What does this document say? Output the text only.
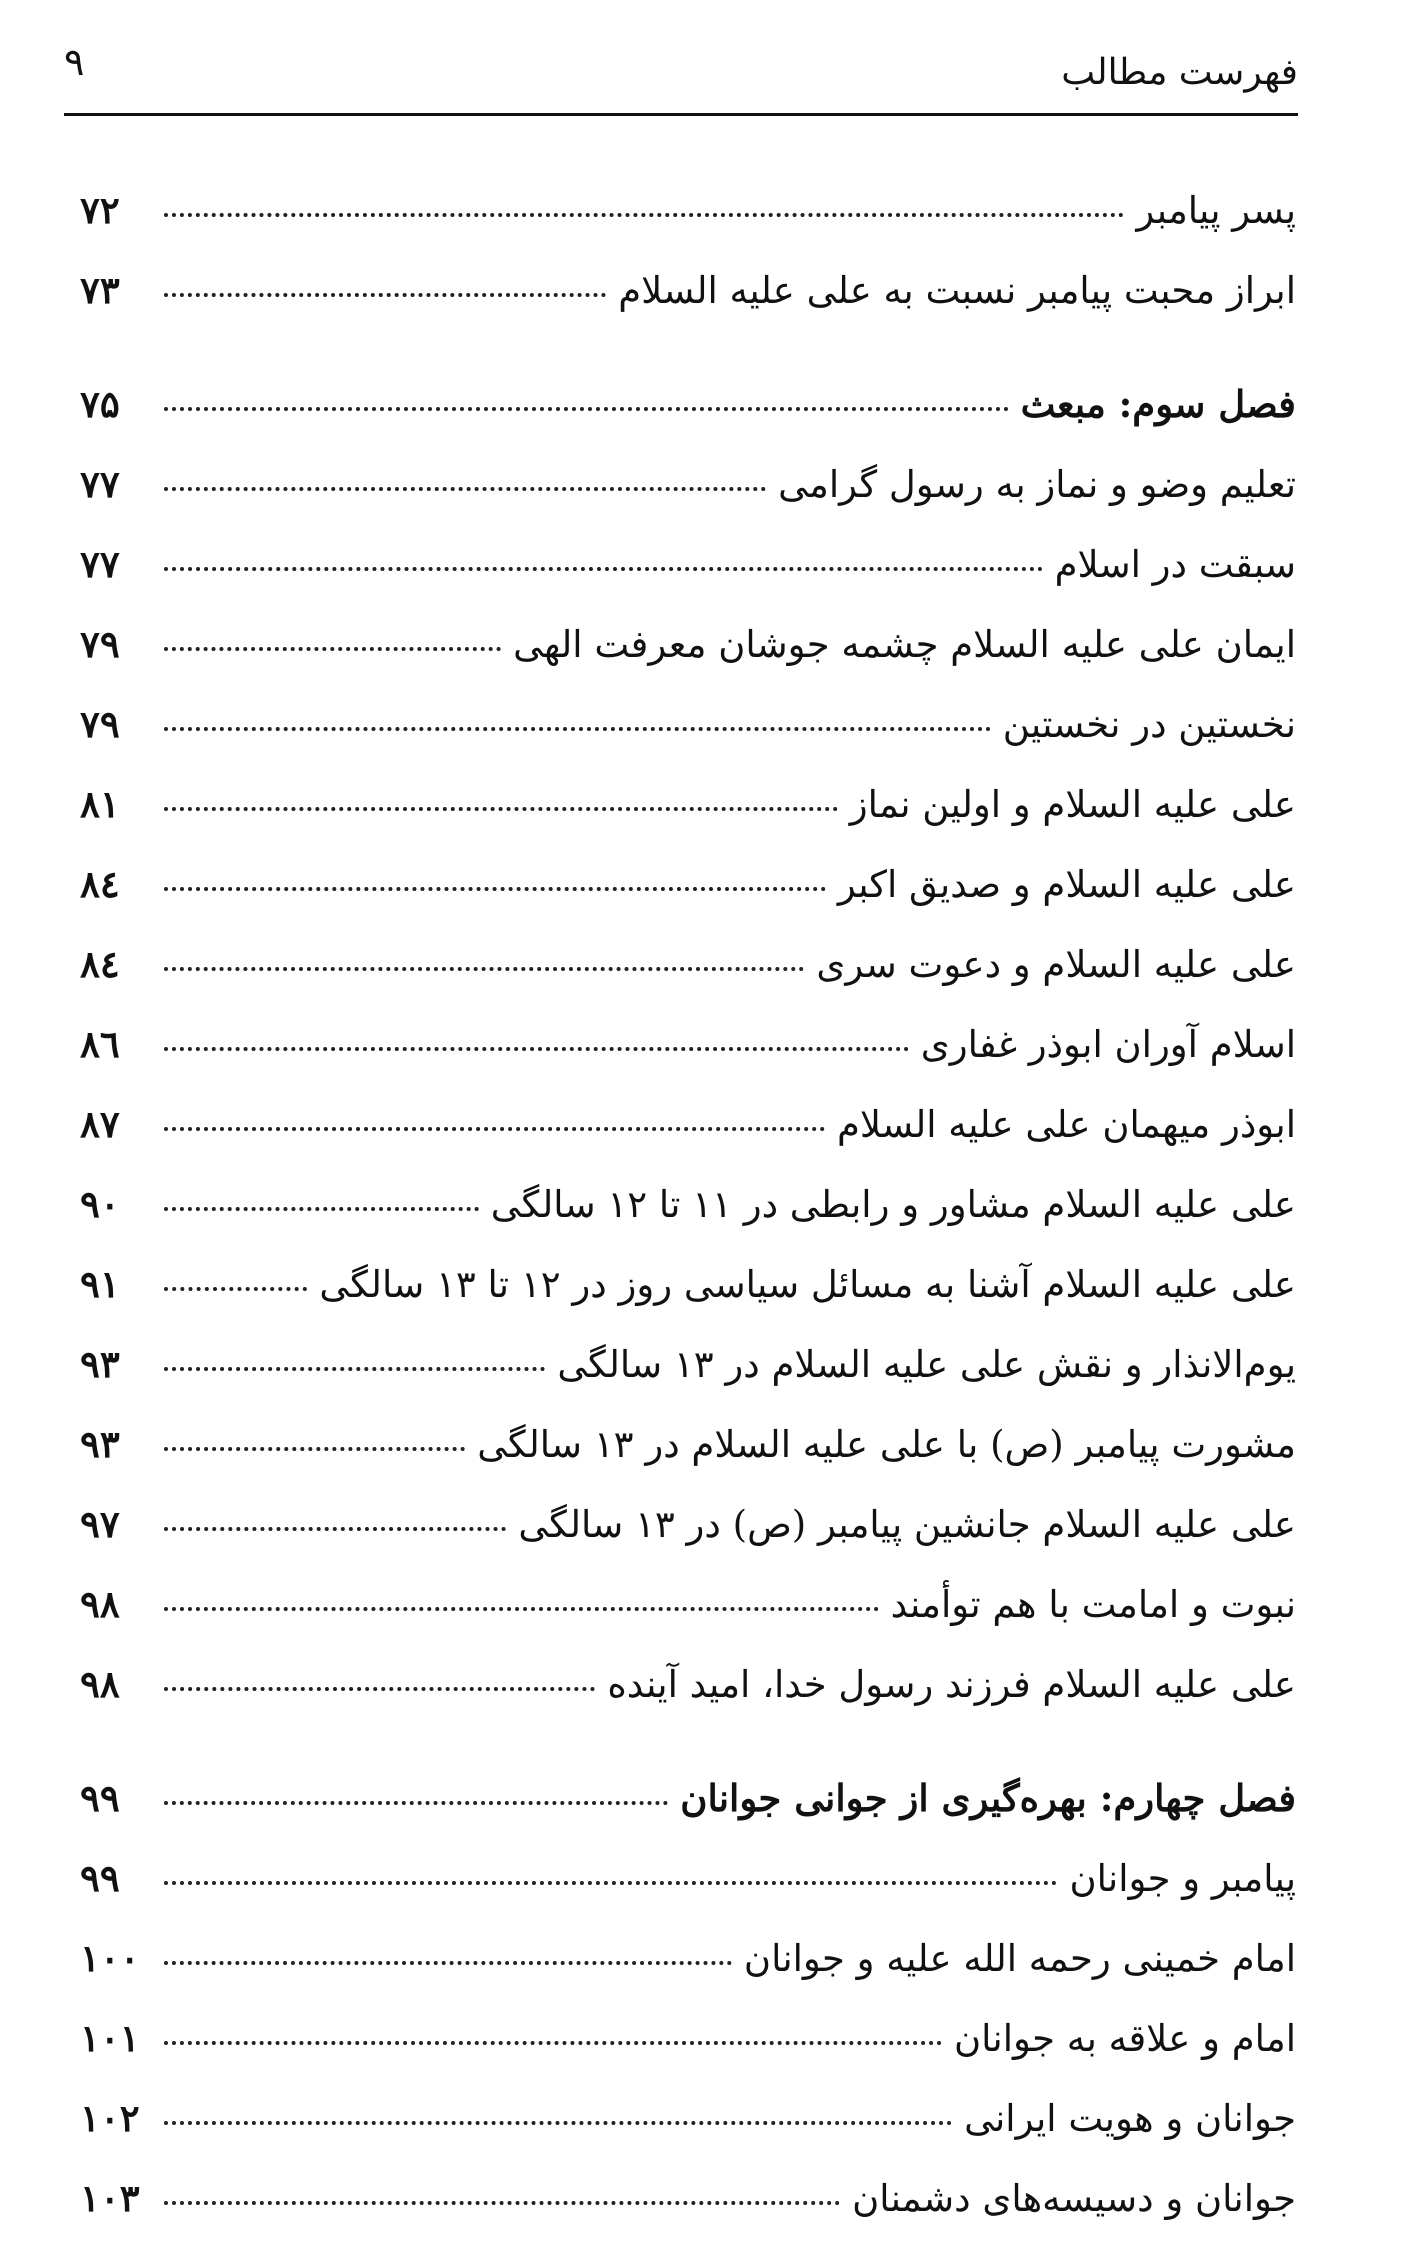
فهرست مطالب
۹
پسر پیامبر
۷۲
ابراز محبت پیامبر نسبت به علی علیه السلام
۷۳
فصل سوم: مبعث
۷۵
تعلیم وضو و نماز به رسول گرامی
۷۷
سبقت در اسلام
۷۷
ایمان علی علیه السلام چشمه جوشان معرفت الهی
۷۹
نخستین در نخستین
۷۹
علی علیه السلام و اولین نماز
۸۱
علی علیه السلام و صدیق اکبر
۸٤
علی علیه السلام و دعوت سری
۸٤
اسلام آوران ابوذر غفاری
۸٦
ابوذر میهمان علی علیه السلام
۸۷
علی علیه السلام مشاور و رابطی در ۱۱ تا ۱۲ سالگی
۹۰
علی علیه السلام آشنا به مسائل سیاسی روز در ۱۲ تا ۱۳ سالگی
۹۱
یوم‌الانذار و نقش علی علیه السلام در ۱۳ سالگی
۹۳
مشورت پیامبر (ص) با علی علیه السلام در ۱۳ سالگی
۹۳
علی علیه السلام جانشین پیامبر (ص) در ۱۳ سالگی
۹۷
نبوت و امامت با هم توأمند
۹۸
علی علیه السلام فرزند رسول خدا، امید آینده
۹۸
فصل چهارم: بهره‌گیری از جوانی جوانان
۹۹
پیامبر و جوانان
۹۹
امام خمینی رحمه الله علیه و جوانان
۱۰۰
امام و علاقه به جوانان
۱۰۱
جوانان و هویت ایرانی
۱۰۲
جوانان و دسیسه‌های دشمنان
۱۰۳
